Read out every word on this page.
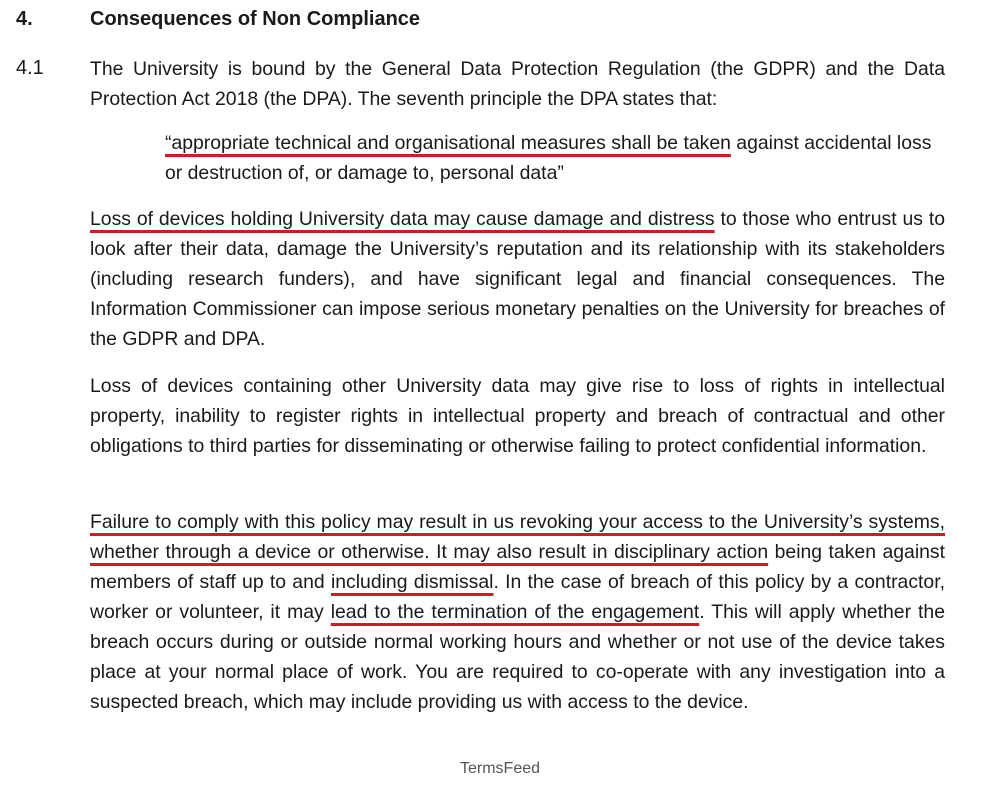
4.	Consequences of Non Compliance
4.1 The University is bound by the General Data Protection Regulation (the GDPR) and the Data Protection Act 2018 (the DPA). The seventh principle the DPA states that:
“appropriate technical and organisational measures shall be taken against accidental loss or destruction of, or damage to, personal data”
Loss of devices holding University data may cause damage and distress to those who entrust us to look after their data, damage the University’s reputation and its relationship with its stakeholders (including research funders), and have significant legal and financial consequences. The Information Commissioner can impose serious monetary penalties on the University for breaches of the GDPR and DPA.
Loss of devices containing other University data may give rise to loss of rights in intellectual property, inability to register rights in intellectual property and breach of contractual and other obligations to third parties for disseminating or otherwise failing to protect confidential information.
Failure to comply with this policy may result in us revoking your access to the University’s systems, whether through a device or otherwise. It may also result in disciplinary action being taken against members of staff up to and including dismissal. In the case of breach of this policy by a contractor, worker or volunteer, it may lead to the termination of the engagement. This will apply whether the breach occurs during or outside normal working hours and whether or not use of the device takes place at your normal place of work. You are required to co-operate with any investigation into a suspected breach, which may include providing us with access to the device.
TermsFeed
